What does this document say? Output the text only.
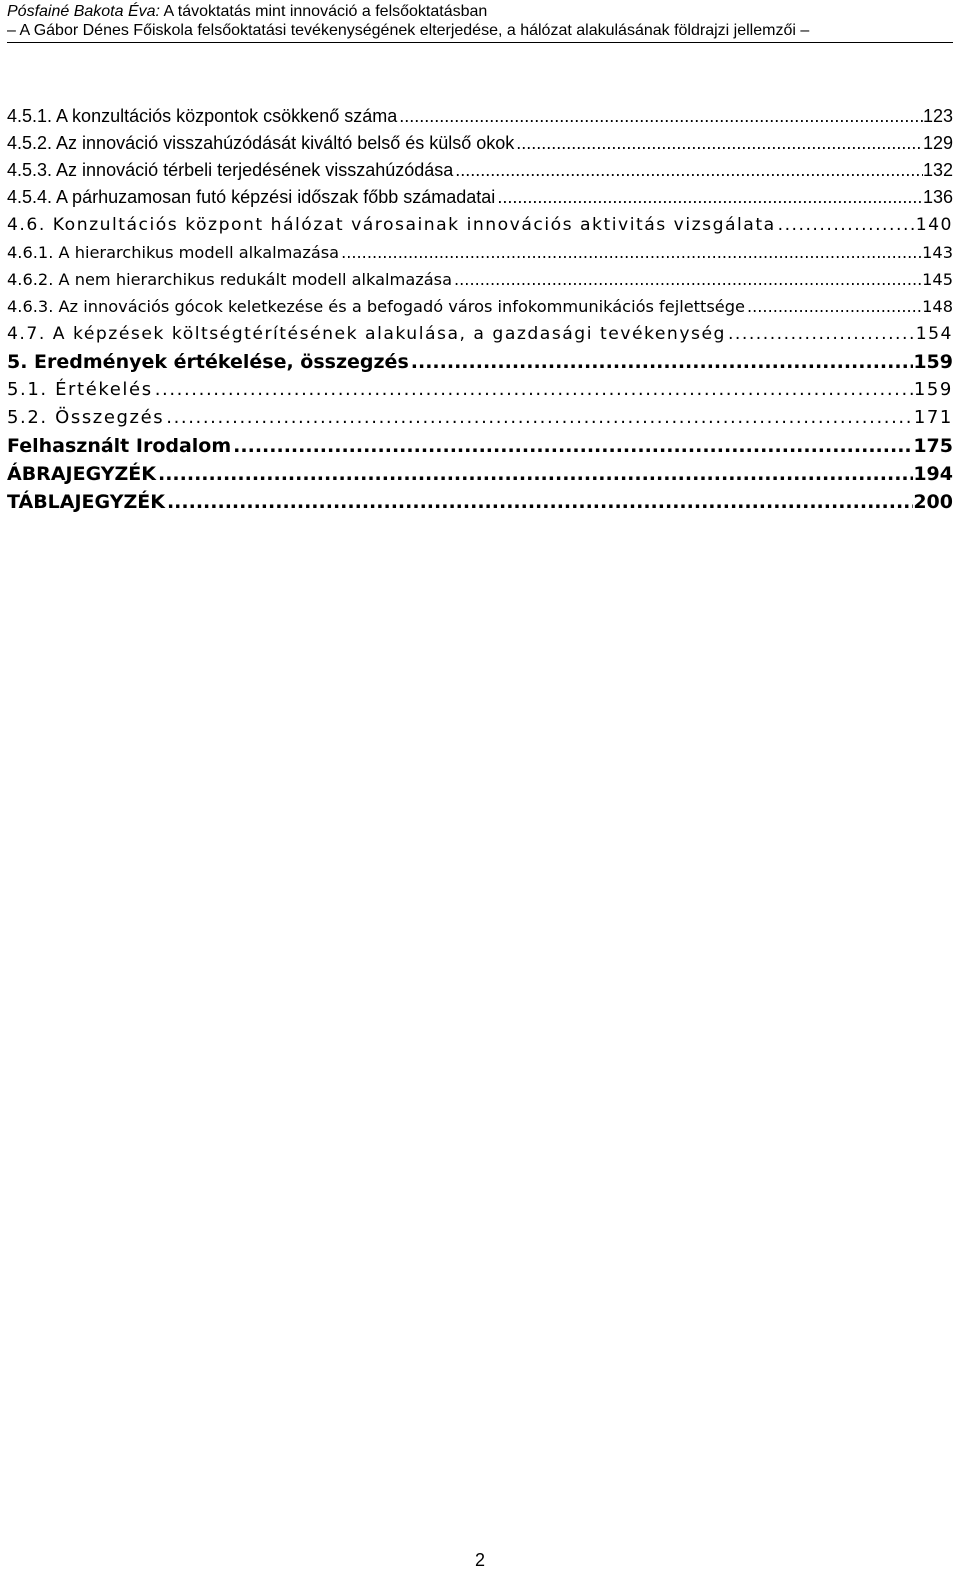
Pósfainé Bakota Éva: A távoktatás mint innováció a felsőoktatásban
– A Gábor Dénes Főiskola felsőoktatási tevékenységének elterjedése, a hálózat alakulásának földrajzi jellemzői –
4.5.1. A konzultációs központok csökkenő száma .....	123
4.5.2. Az innováció visszahúzódását kiváltó belső és külső okok .....	129
4.5.3. Az innováció térbeli terjedésének visszahúzódása .....	132
4.5.4. A párhuzamosan futó képzési időszak főbb számadatai .....	136
4.6. Konzultációs központ hálózat városainak innovációs aktivitás vizsgálata .....	140
4.6.1. A hierarchikus modell alkalmazása .....	143
4.6.2. A nem hierarchikus redukált modell alkalmazása .....	145
4.6.3. Az innovációs gócok keletkezése és a befogadó város infokommunikációs fejlettsége .....	148
4.7. A képzések költségtérítésének alakulása, a gazdasági tevékenység .....	154
5. Eredmények értékelése, összegzés .....	159
5.1. Értékelés .....	159
5.2. Összegzés .....	171
Felhasznált Irodalom .....	175
ÁBRAJEGYZÉK .....	194
TÁBLAJEGYZÉK .....	200
2
